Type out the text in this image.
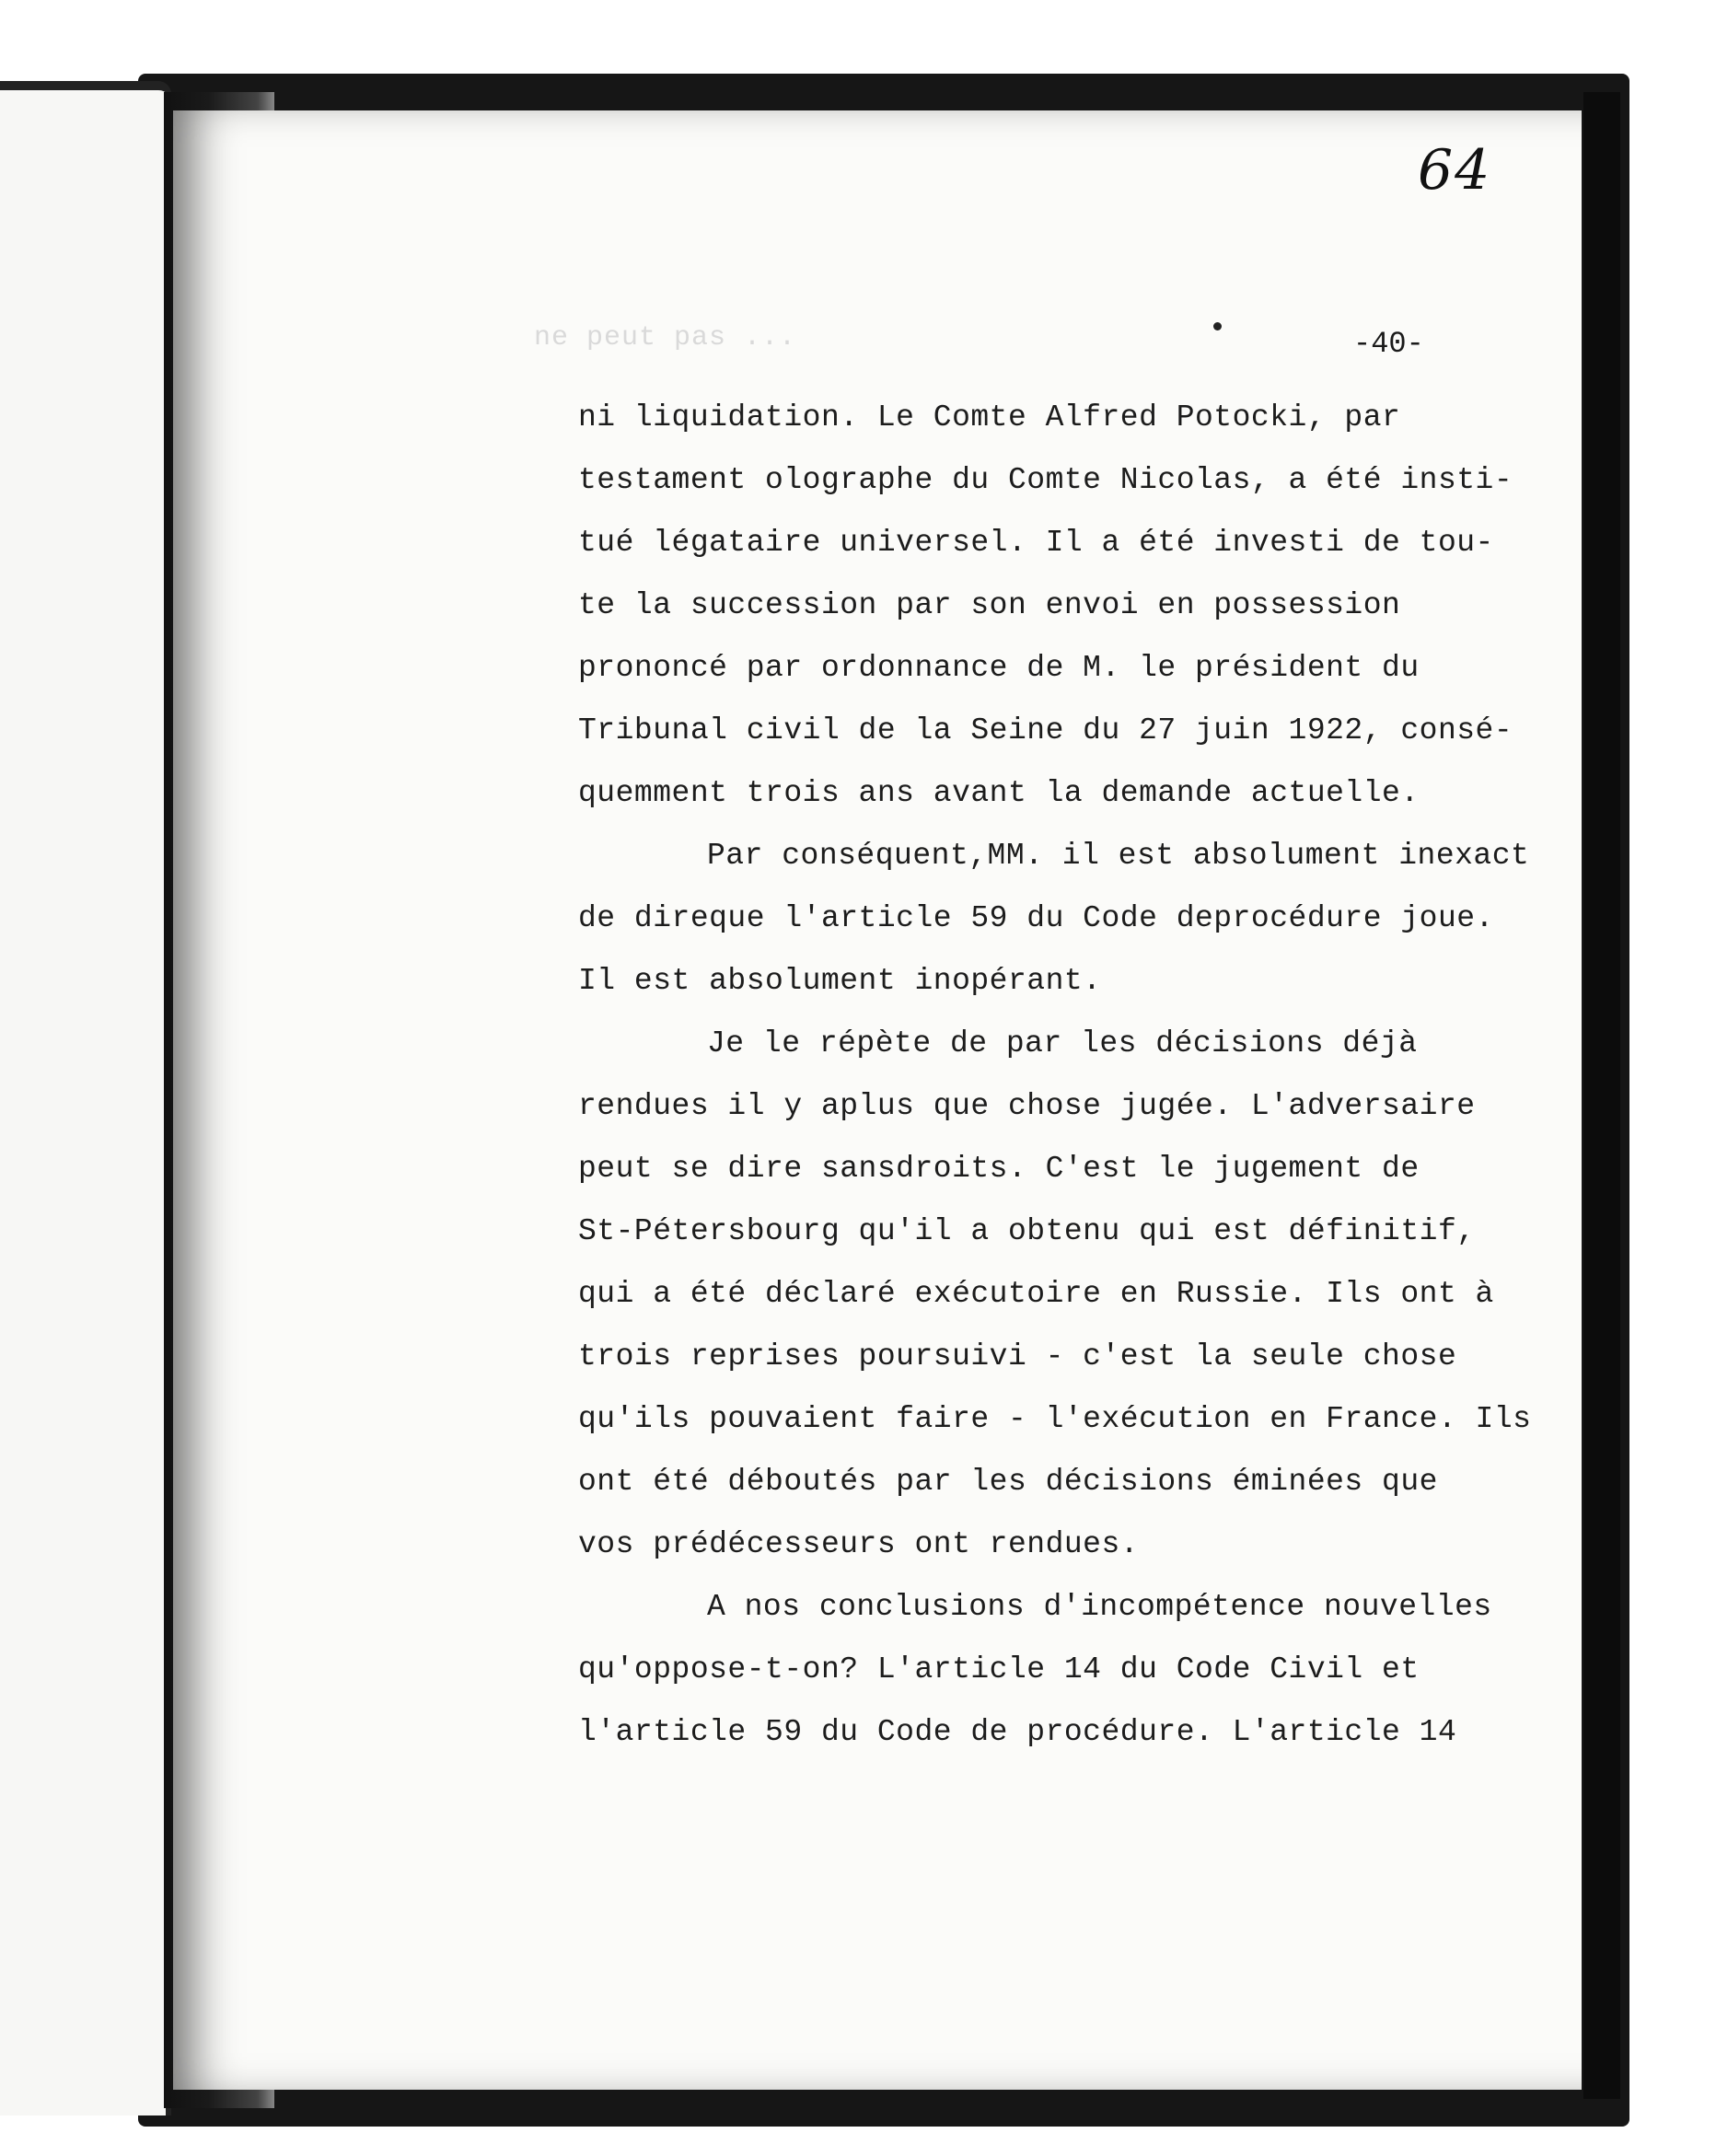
64
ne peut pas ...	-40-
ni liquidation. Le Comte Alfred Potocki, par
testament olographe du Comte Nicolas, a été insti-
tué légataire universel. Il a été investi de tou-
te la succession par son envoi en possession
prononcé par ordonnance de M. le président du
Tribunal civil de la Seine du 27 juin 1922, consé-
quemment trois ans avant la demande actuelle.
Par conséquent,MM. il est absolument inexact
de direque l'article 59 du Code deprocédure joue.
Il est absolument inopérant.
Je le répète de par les décisions déjà
rendues il y aplus que chose jugée. L'adversaire
peut se dire sansdroits. C'est le jugement de
St-Pétersbourg qu'il a obtenu qui est définitif,
qui a été déclaré exécutoire en Russie. Ils ont à
trois reprises poursuivi - c'est la seule chose
qu'ils pouvaient faire - l'exécution en France. Ils
ont été déboutés par les décisions éminées que
vos prédécesseurs ont rendues.
A nos conclusions d'incompétence nouvelles
qu'oppose-t-on? L'article 14 du Code Civil et
l'article 59 du Code de procédure. L'article 14
